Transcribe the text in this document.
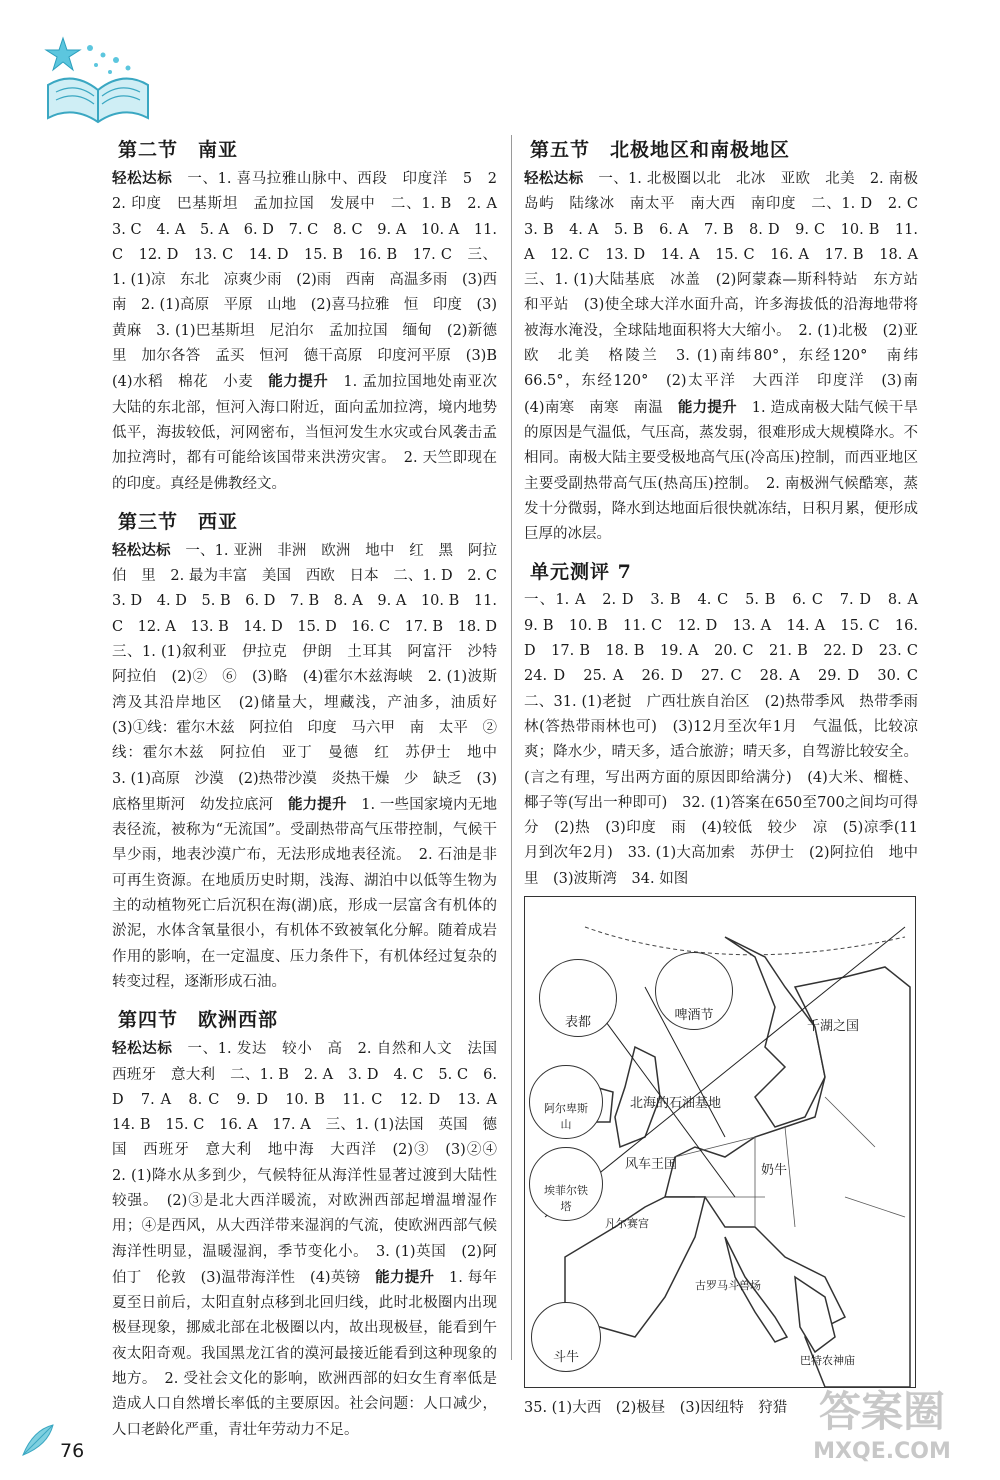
第二节　南亚

轻松达标　一、1. 喜马拉雅山脉中、西段　印度洋　5　2　2. 印度　巴基斯坦　孟加拉国　发展中　二、1. B　2. A　3. C　4. A　5. A　6. D　7. C　8. C　9. A　10. A　11. C　12. D　13. C　14. D　15. B　16. B　17. C　三、1. (1)凉　东北　凉爽少雨　(2)雨　西南　高温多雨　(3)西南　2. (1)高原　平原　山地　(2)喜马拉雅　恒　印度　(3)黄麻　3. (1)巴基斯坦　尼泊尔　孟加拉国　缅甸　(2)新德里　加尔各答　孟买　恒河　德干高原　印度河平原　(3)B　(4)水稻　棉花　小麦　能力提升　1. 孟加拉国地处南亚次大陆的东北部，恒河入海口附近，面向孟加拉湾，境内地势低平，海拔较低，河网密布，当恒河发生水灾或台风袭击孟加拉湾时，都有可能给该国带来洪涝灾害。　2. 天竺即现在的印度。真经是佛教经文。

第三节　西亚

轻松达标　一、1. 亚洲　非洲　欧洲　地中　红　黑　阿拉伯　里　2. 最为丰富　美国　西欧　日本　二、1. D　2. C　3. D　4. D　5. B　6. D　7. B　8. A　9. A　10. B　11. C　12. A　13. B　14. D　15. D　16. C　17. B　18. D　三、1. (1)叙利亚　伊拉克　伊朗　土耳其　阿富汗　沙特阿拉伯　(2)②　⑥　(3)略　(4)霍尔木兹海峡　2. (1)波斯湾及其沿岸地区　(2)储量大，埋藏浅，产油多，油质好　(3)①线：霍尔木兹　阿拉伯　印度　马六甲　南　太平　②线：霍尔木兹　阿拉伯　亚丁　曼德　红　苏伊士　地中　3. (1)高原　沙漠　(2)热带沙漠　炎热干燥　少　缺乏　(3)底格里斯河　幼发拉底河　能力提升　1. 一些国家境内无地表径流，被称为“无流国”。受副热带高气压带控制，气候干旱少雨，地表沙漠广布，无法形成地表径流。　2. 石油是非可再生资源。在地质历史时期，浅海、湖泊中以低等生物为主的动植物死亡后沉积在海(湖)底，形成一层富含有机体的淤泥，水体含氧量很小，有机体不致被氧化分解。随着成岩作用的影响，在一定温度、压力条件下，有机体经过复杂的转变过程，逐渐形成石油。

第四节　欧洲西部

轻松达标　一、1. 发达　较小　高　2. 自然和人文　法国　西班牙　意大利　二、1. B　2. A　3. D　4. C　5. C　6. D　7. A　8. C　9. D　10. B　11. C　12. D　13. A　14. B　15. C　16. A　17. A　三、1. (1)法国　英国　德国　西班牙　意大利　地中海　大西洋　(2)③　(3)②④　2. (1)降水从多到少，气候特征从海洋性显著过渡到大陆性较强。　(2)③是北大西洋暖流，对欧洲西部起增温增湿作用；④是西风，从大西洋带来湿润的气流，使欧洲西部气候海洋性明显，温暖湿润，季节变化小。　3. (1)英国　(2)阿伯丁　伦敦　(3)温带海洋性　(4)英镑　能力提升　1. 每年夏至日前后，太阳直射点移到北回归线，此时北极圈内出现极昼现象，挪威北部在北极圈以内，故出现极昼，能看到午夜太阳奇观。我国黑龙江省的漠河最接近能看到这种现象的地方。　2. 受社会文化的影响，欧洲西部的妇女生育率低是造成人口自然增长率低的主要原因。社会问题：人口减少，人口老龄化严重，青壮年劳动力不足。

第五节　北极地区和南极地区

轻松达标　一、1. 北极圈以北　北冰　亚欧　北美　2. 南极　岛屿　陆缘冰　南太平　南大西　南印度　二、1. D　2. C　3. B　4. A　5. B　6. A　7. B　8. D　9. C　10. B　11. A　12. C　13. D　14. A　15. C　16. A　17. B　18. A　三、1. (1)大陆基底　冰盖　(2)阿蒙森—斯科特站　东方站　和平站　(3)使全球大洋水面升高，许多海拔低的沿海地带将被海水淹没，全球陆地面积将大大缩小。　2. (1)北极　(2)亚　欧　北美　格陵兰　3. (1)南纬80°，东经120°　南纬66.5°，东经120°　(2)太平洋　大西洋　印度洋　(3)南　(4)南寒　南寒　南温　能力提升　1. 造成南极大陆气候干旱的原因是气温低，气压高，蒸发弱，很难形成大规模降水。不相同。南极大陆主要受极地高气压(冷高压)控制，而西亚地区主要受副热带高气压(热高压)控制。　2. 南极洲气候酷寒，蒸发十分微弱，降水到达地面后很快就冻结，日积月累，便形成巨厚的冰层。

单元测评 7

一、1. A　2. D　3. B　4. C　5. B　6. C　7. D　8. A　9. B　10. B　11. C　12. D　13. A　14. A　15. C　16. D　17. B　18. B　19. A　20. C　21. B　22. D　23. C　24. D　25. A　26. D　27. C　28. A　29. D　30. C　二、31. (1)老挝　广西壮族自治区　(2)热带季风　热带季雨林(答热带雨林也可)　(3)12月至次年1月　气温低，比较凉爽；降水少，晴天多，适合旅游；晴天多，自驾游比较安全。(言之有理，写出两方面的原因即给满分)　(4)大米、榴梿、椰子等(写出一种即可)　32. (1)答案在650至700之间均可得分　(2)热　(3)印度　雨　(4)较低　较少　凉　(5)凉季(11月到次年2月)　33. (1)大高加索　苏伊士　(2)阿拉伯　地中　里　(3)波斯湾　34. 如图

表都	啤酒节
阿尔卑斯山
埃菲尔铁塔
斗牛
千湖之国
北海的石油基地
风车王国	奶牛
凡尔赛宫
古罗马斗兽场
巴特农神庙
35. (1)大西　(2)极昼　(3)因纽特　狩猎
76
答案圈
MXQE.COM
